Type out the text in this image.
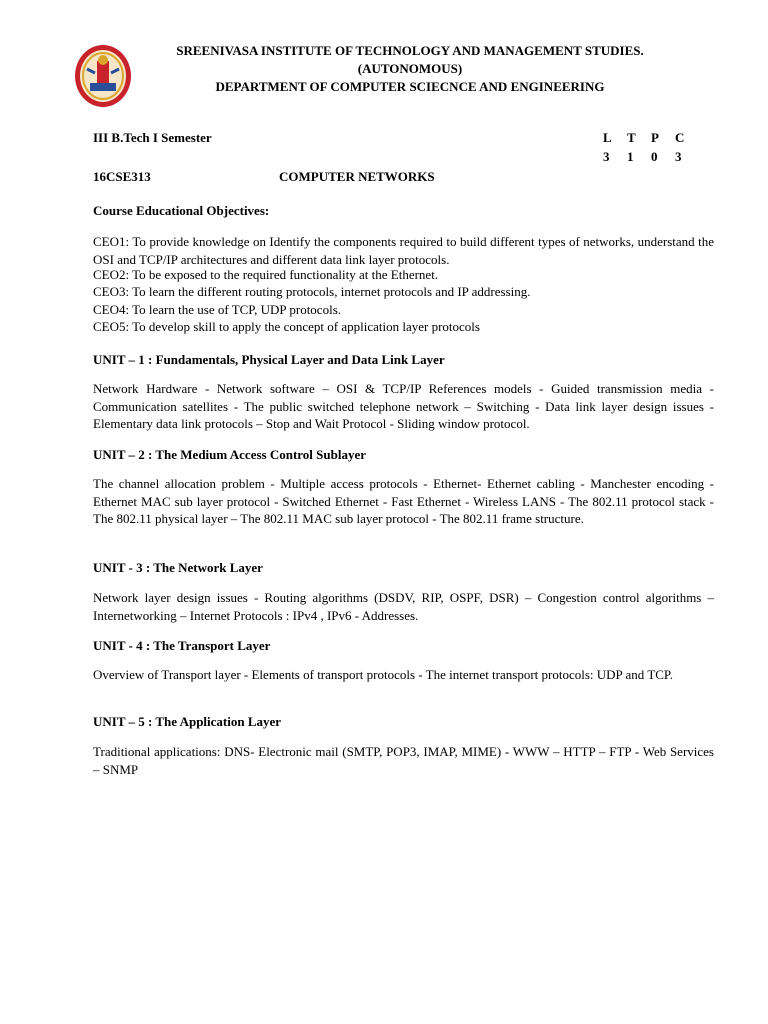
SREENIVASA INSTITUTE OF TECHNOLOGY AND MANAGEMENT STUDIES.
(AUTONOMOUS)
DEPARTMENT OF COMPUTER SCIECNCE AND ENGINEERING
III B.Tech I Semester	L T P C
3 1 0 3
16CSE313	COMPUTER NETWORKS
Course Educational Objectives:
CEO1: To provide knowledge on Identify the components required to build different types of networks, understand the OSI and TCP/IP architectures and different data link layer protocols.
CEO2: To be exposed to the required functionality at the Ethernet.
CEO3: To learn the different routing protocols, internet protocols and IP addressing.
CEO4: To learn the use of TCP, UDP protocols.
CEO5: To develop skill to apply the concept of application layer protocols
UNIT – 1 : Fundamentals, Physical Layer and Data Link Layer
Network Hardware - Network software – OSI & TCP/IP References models - Guided transmission media - Communication satellites - The public switched telephone network – Switching - Data link layer design issues - Elementary data link protocols – Stop and Wait Protocol - Sliding window protocol.
UNIT – 2 : The Medium Access Control Sublayer
The channel allocation problem - Multiple access protocols - Ethernet- Ethernet cabling - Manchester encoding - Ethernet MAC sub layer protocol - Switched Ethernet - Fast Ethernet - Wireless LANS - The 802.11 protocol stack - The 802.11 physical layer – The 802.11 MAC sub layer protocol - The 802.11 frame structure.
UNIT - 3 : The Network Layer
Network layer design issues - Routing algorithms (DSDV, RIP, OSPF, DSR) – Congestion control algorithms – Internetworking – Internet Protocols : IPv4 , IPv6 - Addresses.
UNIT - 4 : The Transport Layer
Overview of Transport layer - Elements of transport protocols - The internet transport protocols: UDP and TCP.
UNIT – 5 : The Application Layer
Traditional applications: DNS- Electronic mail (SMTP, POP3, IMAP, MIME) - WWW – HTTP – FTP - Web Services – SNMP
